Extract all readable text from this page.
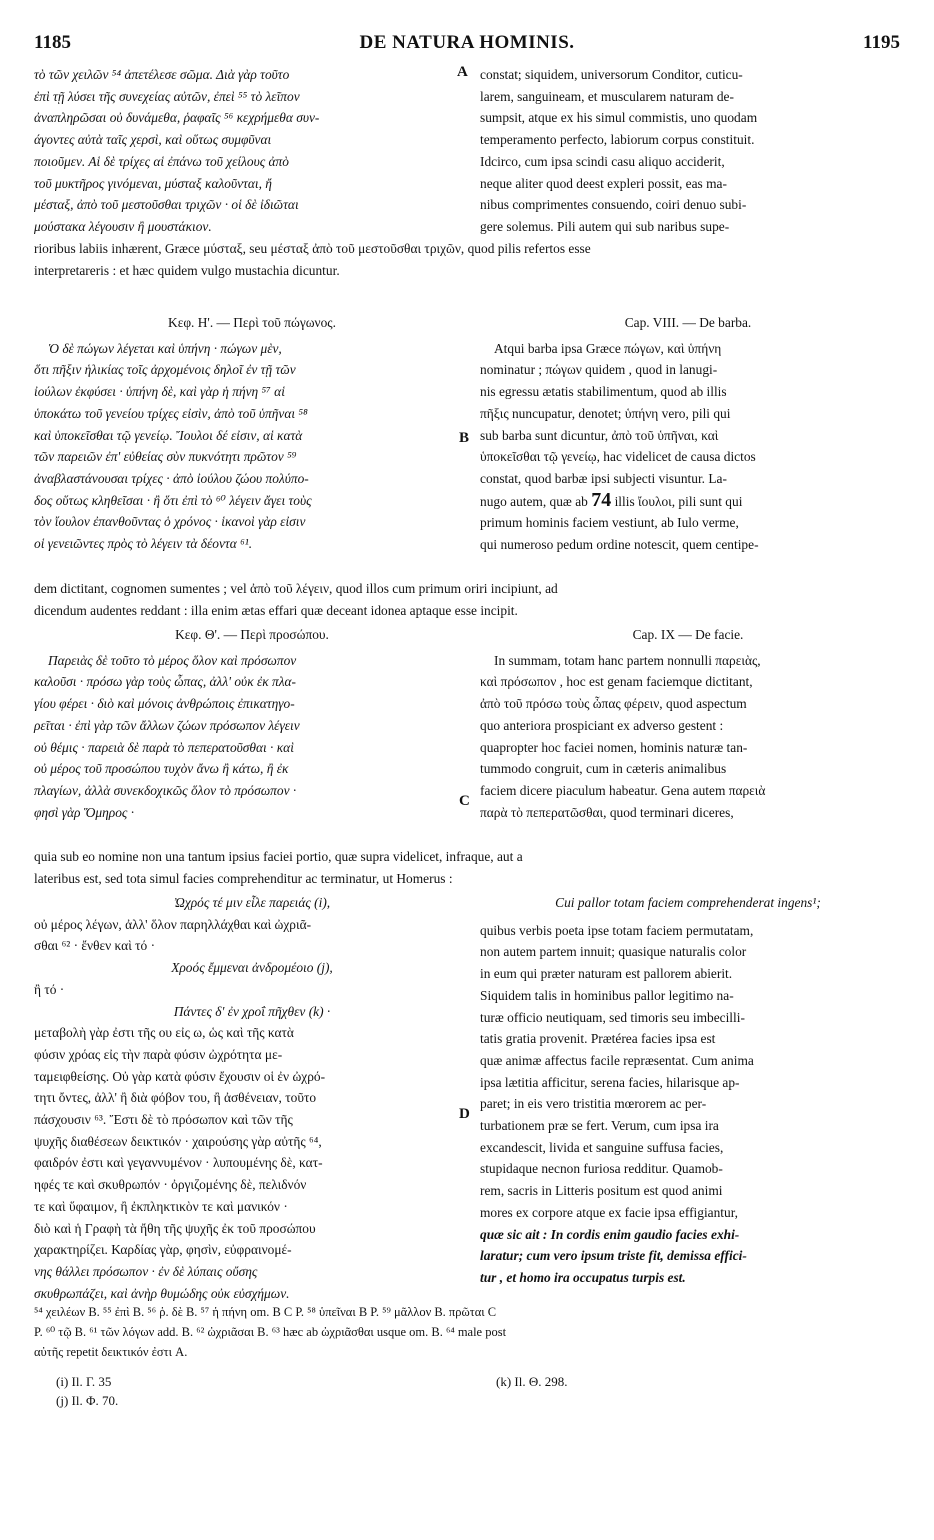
1185	DE NATURA HOMINIS.	1195
A
B
C
D

τὸ τῶν χειλῶν ⁵⁴ ἀπετέλεσε σῶμα. Διὰ γὰρ τοῦτο

ἐπὶ τῇ λύσει τῆς συνεχείας αὐτῶν, ἐπεὶ ⁵⁵ τὸ λεῖπον

ἀναπληρῶσαι οὐ δυνάμεθα, ῥαφαῖς ⁵⁶ κεχρήμεθα συν-

άγοντες αὐτὰ ταῖς χερσὶ, καὶ οὕτως συμφῦναι

ποιοῦμεν. Αἱ δὲ τρίχες αἱ ἐπάνω τοῦ χείλους ἀπὸ

τοῦ μυκτῆρος γινόμεναι, μύσταξ καλοῦνται, ἤ

μέσταξ, ἀπὸ τοῦ μεστοῦσθαι τριχῶν · οἱ δὲ ἰδιῶται

μούστακα λέγουσιν ἢ μουστάκιον.

constat; siquidem, universorum Conditor, cuticu-

larem, sanguineam, et muscularem naturam de-

sumpsit, atque ex his simul commistis, uno quodam

temperamento perfecto, labiorum corpus constituit.

Idcirco, cum ipsa scindi casu aliquo acciderit,

neque aliter quod deest expleri possit, eas ma-

nibus comprimentes consuendo, coiri denuo subi-

gere solemus. Pili autem qui sub naribus supe-

rioribus labiis inhærent, Græce μύσταξ, seu μέσταξ ἀπὸ τοῦ μεστοῦσθαι τριχῶν, quod pilis refertos esse

interpretareris : et hæc quidem vulgo mustachia dicuntur.

Κεφ. Η'. — Περὶ τοῦ πώγωνος.

Ὁ δὲ πώγων λέγεται καὶ ὑπήνη · πώγων μὲν,

ὅτι πῆξιν ἡλικίας τοῖς ἀρχομένοις δηλοῖ ἐν τῇ τῶν

ἰούλων ἐκφύσει · ὑπήνη δὲ, καὶ γὰρ ἡ πήνη ⁵⁷ αἱ

ὑποκάτω τοῦ γενείου τρίχες εἰσὶν, ἀπὸ τοῦ ὑπῆναι ⁵⁸

καὶ ὑποκεῖσθαι τῷ γενείῳ. Ἴουλοι δέ εἰσιν, αἱ κατὰ

τῶν παρειῶν ἐπ' εὐθείας σὺν πυκνότητι πρῶτον ⁵⁹

ἀναβλαστάνουσαι τρίχες · ἀπὸ ἰούλου ζώου πολύπο-

δος οὕτως κληθεῖσαι · ἢ ὅτι ἐπὶ τὸ ⁶⁰ λέγειν ἄγει τοὺς

τὸν ἴουλον ἐπανθοῦντας ὁ χρόνος · ἱκανοὶ γὰρ εἰσιν

οἱ γενειῶντες πρὸς τὸ λέγειν τὰ δέοντα ⁶¹.

Cap. VIII. — De barba.

Atqui barba ipsa Græce πώγων, καὶ ὑπήνη

nominatur ; πώγων quidem , quod in lanugi-

nis egressu ætatis stabilimentum, quod ab illis

πῆξις nuncupatur, denotet; ὑπήνη vero, pili qui

sub barba sunt dicuntur, ἀπὸ τοῦ ὑπῆναι, καὶ

ὑποκεῖσθαι τῷ γενείῳ, hac videlicet de causa dictos

constat, quod barbæ ipsi subjecti visuntur. La-

nugo autem, quæ ab 74 illis ἴουλοι, pili sunt qui

primum hominis faciem vestiunt, ab Iulo verme,

qui numeroso pedum ordine notescit, quem centipe-

dem dictitant, cognomen sumentes ; vel ἀπὸ τοῦ λέγειν, quod illos cum primum oriri incipiunt, ad

dicendum audentes reddant : illa enim ætas effari quæ deceant idonea aptaque esse incipit.

Κεφ. Θ'. — Περὶ προσώπου.

Παρειὰς δὲ τοῦτο τὸ μέρος ὅλον καὶ πρόσωπον

καλοῦσι · πρόσω γὰρ τοὺς ὦπας, ἀλλ' οὐκ ἐκ πλα-

γίου φέρει · διὸ καὶ μόνοις ἀνθρώποις ἐπικατηγο-

ρεῖται · ἐπὶ γὰρ τῶν ἄλλων ζώων πρόσωπον λέγειν

οὐ θέμις · παρειὰ δὲ παρὰ τὸ πεπερατοῦσθαι · καὶ

οὐ μέρος τοῦ προσώπου τυχὸν ἄνω ἢ κάτω, ἢ ἐκ

πλαγίων, ἀλλὰ συνεκδοχικῶς ὅλον τὸ πρόσωπον ·

φησὶ γὰρ Ὅμηρος ·

Cap. IX — De facie.

In summam, totam hanc partem nonnulli παρειὰς,

καὶ πρόσωπον , hoc est genam faciemque dictitant,

ἀπὸ τοῦ πρόσω τοὺς ὦπας φέρειν, quod aspectum

quo anteriora prospiciant ex adverso gestent :

quapropter hoc faciei nomen, hominis naturæ tan-

tummodo congruit, cum in cæteris animalibus

faciem dicere piaculum habeatur. Gena autem παρειὰ

παρὰ τὸ πεπερατῶσθαι, quod terminari diceres,

quia sub eo nomine non una tantum ipsius faciei portio, quæ supra videlicet, infraque, aut a

lateribus est, sed tota simul facies comprehenditur ac terminatur, ut Homerus :

Ὠχρός τέ μιν εἷλε παρειάς (i),

οὐ μέρος λέγων, ἀλλ' ὅλον παρηλλάχθαι καὶ ὠχριᾶ-

σθαι ⁶² · ἔνθεν καὶ τό ·

Χροός ἔμμεναι ἀνδρομέοιο (j),

ἢ τό ·

Πάντες δ' ἐν χροΐ πῆχθεν (k) ·

μεταβολὴ γὰρ ἐστι τῆς ου εἰς ω, ὡς καὶ τῆς κατὰ

φύσιν χρόας εἰς τὴν παρὰ φύσιν ὠχρότητα με-

ταμειφθείσης. Οὐ γὰρ κατὰ φύσιν ἔχουσιν οἱ ἐν ὠχρό-

τητι ὄντες, ἀλλ' ἢ διὰ φόβον του, ἢ ἀσθένειαν, τοῦτο

πάσχουσιν ⁶³. Ἔστι δὲ τὸ πρόσωπον καὶ τῶν τῆς

ψυχῆς διαθέσεων δεικτικόν · χαιρούσης γὰρ αὐτῆς ⁶⁴,

φαιδρόν ἐστι καὶ γεγαννυμένον · λυπουμένης δὲ, κατ-

ηφές τε καὶ σκυθρωπόν · ὀργιζομένης δὲ, πελιδνόν

τε καὶ ὕφαιμον, ἢ ἐκπληκτικὸν τε καὶ μανικόν ·

διὸ καὶ ἡ Γραφὴ τὰ ἤθη τῆς ψυχῆς ἐκ τοῦ προσώπου

χαρακτηρίζει. Καρδίας γὰρ, φησὶν, εὐφραινομέ-

νης θάλλει πρόσωπον · ἐν δὲ λύπαις οὔσης

σκυθρωπάζει, καὶ ἀνὴρ θυμώδης οὐκ εὐσχήμων.

Cui pallor totam faciem comprehenderat ingens¹;

quibus verbis poeta ipse totam faciem permutatam,

non autem partem innuit; quasique naturalis color

in eum qui præter naturam est pallorem abierit.

Siquidem talis in hominibus pallor legitimo na-

turæ officio neutiquam, sed timoris seu imbecilli-

tatis gratia provenit. Prætérea facies ipsa est

quæ animæ affectus facile repræsentat. Cum anima

ipsa lætitia afficitur, serena facies, hilarisque ap-

paret; in eis vero tristitia mœrorem ac per-

turbationem præ se fert. Verum, cum ipsa ira

excandescit, livida et sanguine suffusa facies,

stupidaque necnon furiosa redditur. Quamob-

rem, sacris in Litteris positum est quod animi

mores ex corpore atque ex facie ipsa effigiantur,

quæ sic ait : In cordis enim gaudio facies exhi-

laratur; cum vero ipsum triste fit, demissa effici-

tur , et homo ira occupatus turpis est.

⁵⁴ χειλέων B. ⁵⁵ ἐπὶ B. ⁵⁶ ῥ. δὲ B. ⁵⁷ ἡ πήνη om. B C P. ⁵⁸ ὑπεῖναι B P. ⁵⁹ μᾶλλον B. πρῶται C

P. ⁶⁰ τῷ B. ⁶¹ τῶν λόγων add. B. ⁶² ὠχριᾶσαι B. ⁶³ hæc ab ὠχριᾶσθαι usque om. B. ⁶⁴ male post

αὐτῆς repetit δεικτικόν ἐστι A.

(i) Il. Γ. 35

(j) Il. Φ. 70.

(k) Il. Θ. 298.
